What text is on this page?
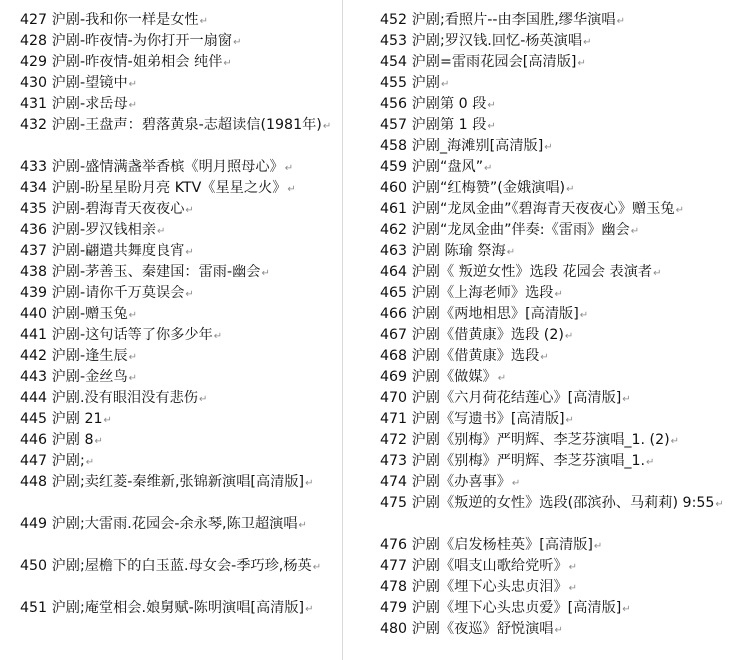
427 沪剧-我和你一样是女性↵
428 沪剧-昨夜情-为你打开一扇窗↵
429 沪剧-昨夜情-姐弟相会 纯伴↵
430 沪剧-望镜中↵
431 沪剧-求岳母↵
432 沪剧-王盘声：碧落黄泉-志超读信(1981年)↵
433 沪剧-盛情满盏举香槟《明月照母心》↵
434 沪剧-盼星星盼月亮 KTV《星星之火》↵
435 沪剧-碧海青天夜夜心↵
436 沪剧-罗汉钱相亲↵
437 沪剧-翩遣共舞度良宵↵
438 沪剧-茅善玉、秦建国：雷雨-幽会↵
439 沪剧-请你千万莫误会↵
440 沪剧-赠玉兔↵
441 沪剧-这句话等了你多少年↵
442 沪剧-逢生辰↵
443 沪剧-金丝鸟↵
444 沪剧.没有眼泪没有悲伤↵
445 沪剧 21↵
446 沪剧 8↵
447 沪剧;↵
448 沪剧;卖红菱-秦维新,张锦新演唱[高清版]↵
449 沪剧;大雷雨.花园会-余永琴,陈卫超演唱↵
450 沪剧;屋檐下的白玉蓝.母女会-季巧珍,杨英↵
451 沪剧;庵堂相会.娘舅赋-陈明演唱[高清版]↵
452 沪剧;看照片--由李国胜,缪华演唱↵
453 沪剧;罗汉钱.回忆-杨英演唱↵
454 沪剧=雷雨花园会[高清版]↵
455 沪剧↵
456 沪剧第 0 段↵
457 沪剧第 1 段↵
458 沪剧_海滩别[高清版]↵
459 沪剧“盘风”↵
460 沪剧“红梅赞”(金娥演唱)↵
461 沪剧“龙凤金曲”《碧海青天夜夜心》赠玉兔↵
462 沪剧“龙凤金曲”伴奏:《雷雨》幽会↵
463 沪剧 陈瑜 祭海↵
464 沪剧《 叛逆女性》选段 花园会 表演者↵
465 沪剧《上海老师》选段↵
466 沪剧《两地相思》[高清版]↵
467 沪剧《借黄康》选段 (2)↵
468 沪剧《借黄康》选段↵
469 沪剧《做媒》↵
470 沪剧《六月荷花结莲心》[高清版]↵
471 沪剧《写遗书》[高清版]↵
472 沪剧《别梅》严明辉、李芝芬演唱_1. (2)↵
473 沪剧《别梅》严明辉、李芝芬演唱_1.↵
474 沪剧《办喜事》↵
475 沪剧《叛逆的女性》选段(邵滨孙、马莉莉) 9:55↵
476 沪剧《启发杨桂英》[高清版]↵
477 沪剧《唱支山歌给党听》↵
478 沪剧《埋下心头忠贞泪》↵
479 沪剧《埋下心头忠贞爱》[高清版]↵
480 沪剧《夜巡》舒悦演唱↵
